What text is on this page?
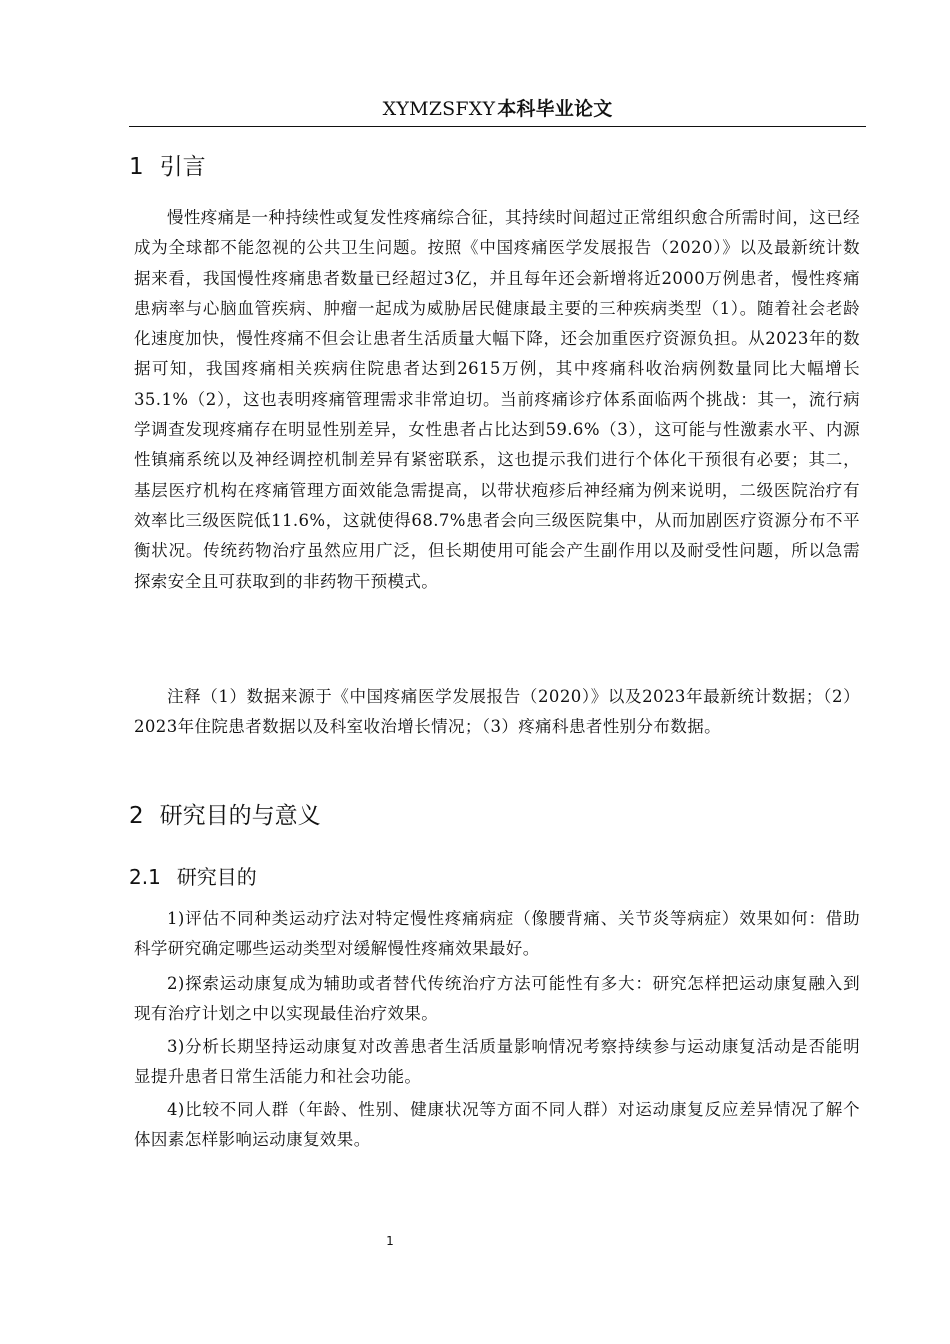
XYMZSFXY 本科毕业论文
1 引言
慢性疼痛是一种持续性或复发性疼痛综合征，其持续时间超过正常组织愈合所需时间，这已经成为全球都不能忽视的公共卫生问题。按照《中国疼痛医学发展报告（2020）》以及最新统计数据来看，我国慢性疼痛患者数量已经超过3亿，并且每年还会新增将近2000万例患者，慢性疼痛患病率与心脑血管疾病、肿瘤一起成为威胁居民健康最主要的三种疾病类型（1）。随着社会老龄化速度加快，慢性疼痛不但会让患者生活质量大幅下降，还会加重医疗资源负担。从2023年的数据可知，我国疼痛相关疾病住院患者达到2615万例，其中疼痛科收治病例数量同比大幅增长35.1%（2），这也表明疼痛管理需求非常迫切。当前疼痛诊疗体系面临两个挑战：其一，流行病学调查发现疼痛存在明显性别差异，女性患者占比达到59.6%（3），这可能与性激素水平、内源性镇痛系统以及神经调控机制差异有紧密联系，这也提示我们进行个体化干预很有必要；其二，基层医疗机构在疼痛管理方面效能急需提高，以带状疱疹后神经痛为例来说明，二级医院治疗有效率比三级医院低11.6%，这就使得68.7%患者会向三级医院集中，从而加剧医疗资源分布不平衡状况。传统药物治疗虽然应用广泛，但长期使用可能会产生副作用以及耐受性问题，所以急需探索安全且可获取到的非药物干预模式。
注释（1）数据来源于《中国疼痛医学发展报告（2020）》以及2023年最新统计数据；（2）2023年住院患者数据以及科室收治增长情况；（3）疼痛科患者性别分布数据。
2 研究目的与意义
2.1 研究目的
1)评估不同种类运动疗法对特定慢性疼痛病症（像腰背痛、关节炎等病症）效果如何：借助科学研究确定哪些运动类型对缓解慢性疼痛效果最好。
2)探索运动康复成为辅助或者替代传统治疗方法可能性有多大：研究怎样把运动康复融入到现有治疗计划之中以实现最佳治疗效果。
3)分析长期坚持运动康复对改善患者生活质量影响情况考察持续参与运动康复活动是否能明显提升患者日常生活能力和社会功能。
4)比较不同人群（年龄、性别、健康状况等方面不同人群）对运动康复反应差异情况了解个体因素怎样影响运动康复效果。
1
